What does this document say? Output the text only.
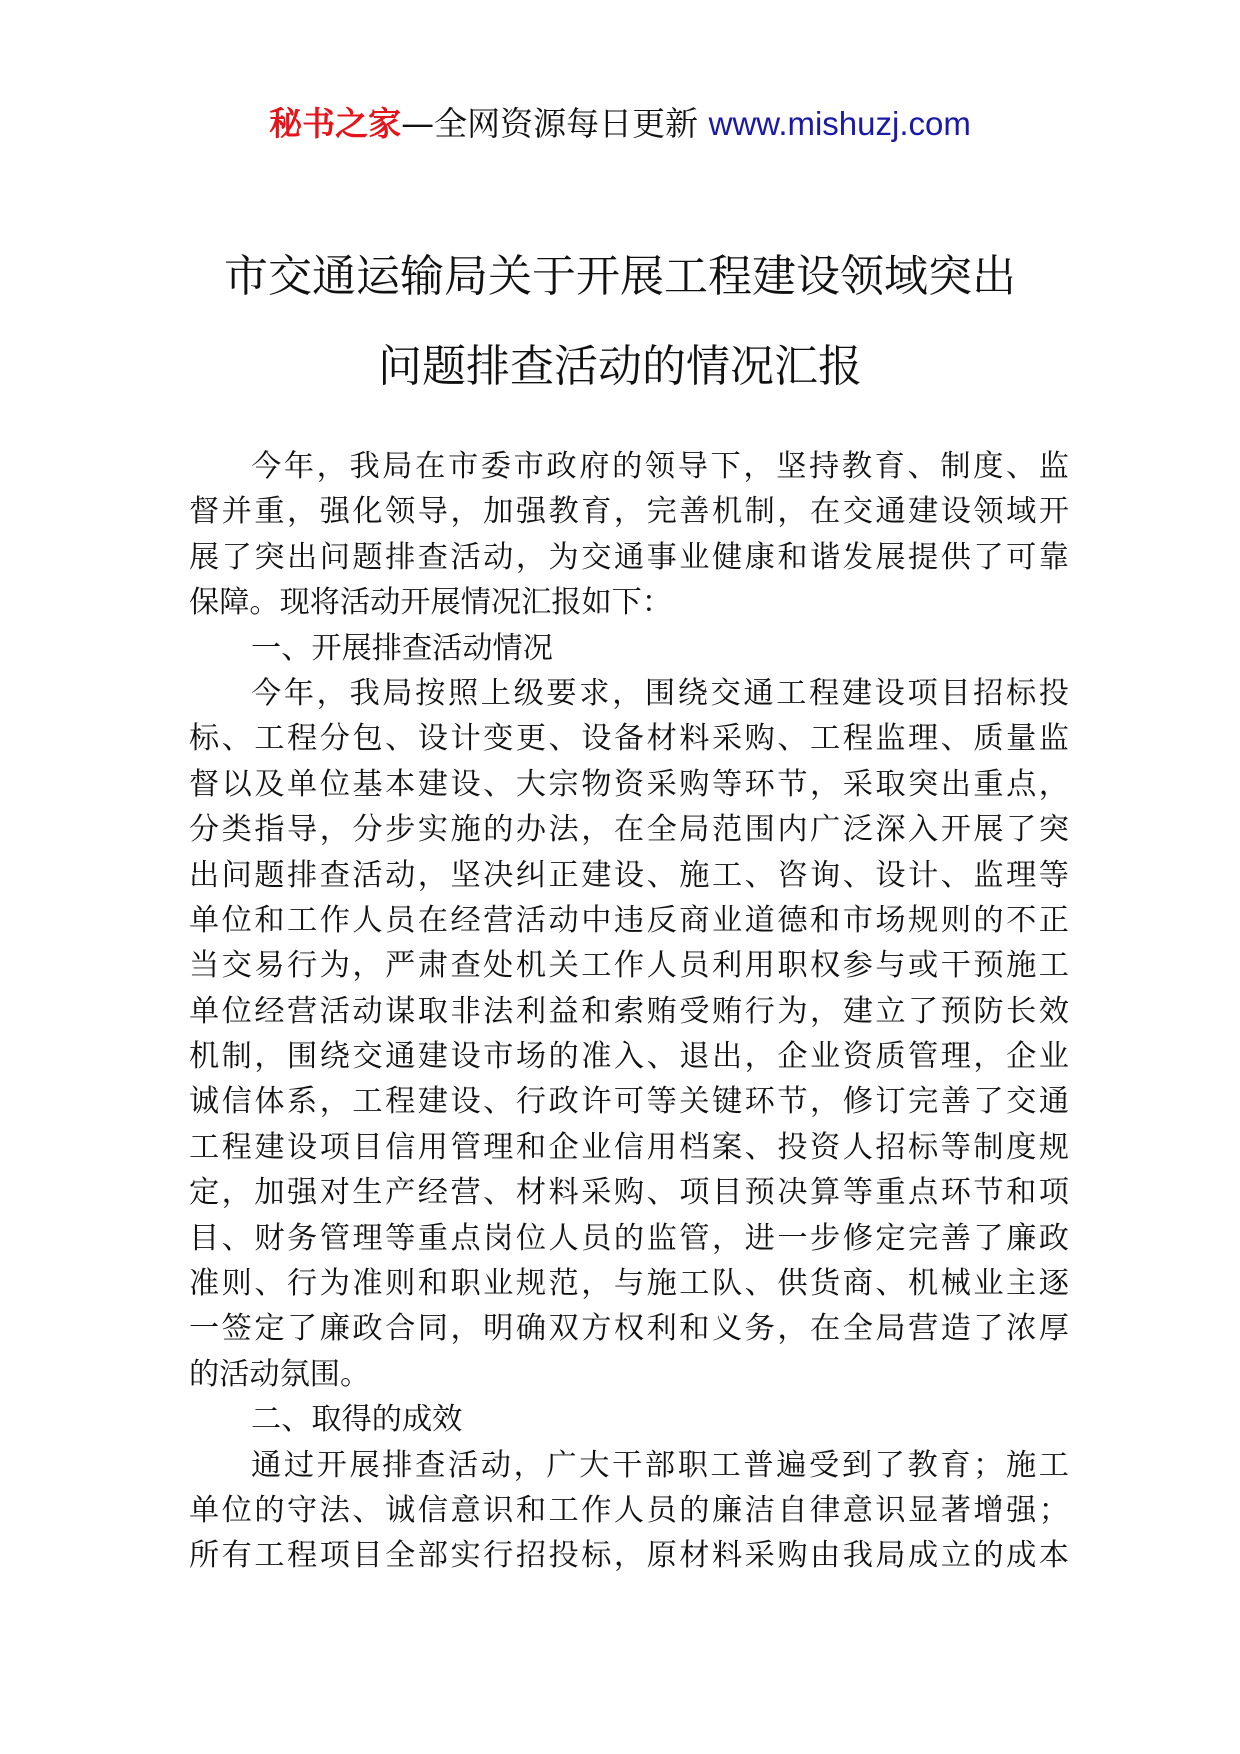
秘书之家—全网资源每日更新 www.mishuzj.com
市交通运输局关于开展工程建设领域突出
问题排查活动的情况汇报
今年，我局在市委市政府的领导下，坚持教育、制度、监
督并重，强化领导，加强教育，完善机制，在交通建设领域开
展了突出问题排查活动，为交通事业健康和谐发展提供了可靠
保障。现将活动开展情况汇报如下：
一、开展排查活动情况
今年，我局按照上级要求，围绕交通工程建设项目招标投
标、工程分包、设计变更、设备材料采购、工程监理、质量监
督以及单位基本建设、大宗物资采购等环节，采取突出重点，
分类指导，分步实施的办法，在全局范围内广泛深入开展了突
出问题排查活动，坚决纠正建设、施工、咨询、设计、监理等
单位和工作人员在经营活动中违反商业道德和市场规则的不正
当交易行为，严肃查处机关工作人员利用职权参与或干预施工
单位经营活动谋取非法利益和索贿受贿行为，建立了预防长效
机制，围绕交通建设市场的准入、退出，企业资质管理，企业
诚信体系，工程建设、行政许可等关键环节，修订完善了交通
工程建设项目信用管理和企业信用档案、投资人招标等制度规
定，加强对生产经营、材料采购、项目预决算等重点环节和项
目、财务管理等重点岗位人员的监管，进一步修定完善了廉政
准则、行为准则和职业规范，与施工队、供货商、机械业主逐
一签定了廉政合同，明确双方权利和义务，在全局营造了浓厚
的活动氛围。
二、取得的成效
通过开展排查活动，广大干部职工普遍受到了教育；施工
单位的守法、诚信意识和工作人员的廉洁自律意识显著增强；
所有工程项目全部实行招投标，原材料采购由我局成立的成本
